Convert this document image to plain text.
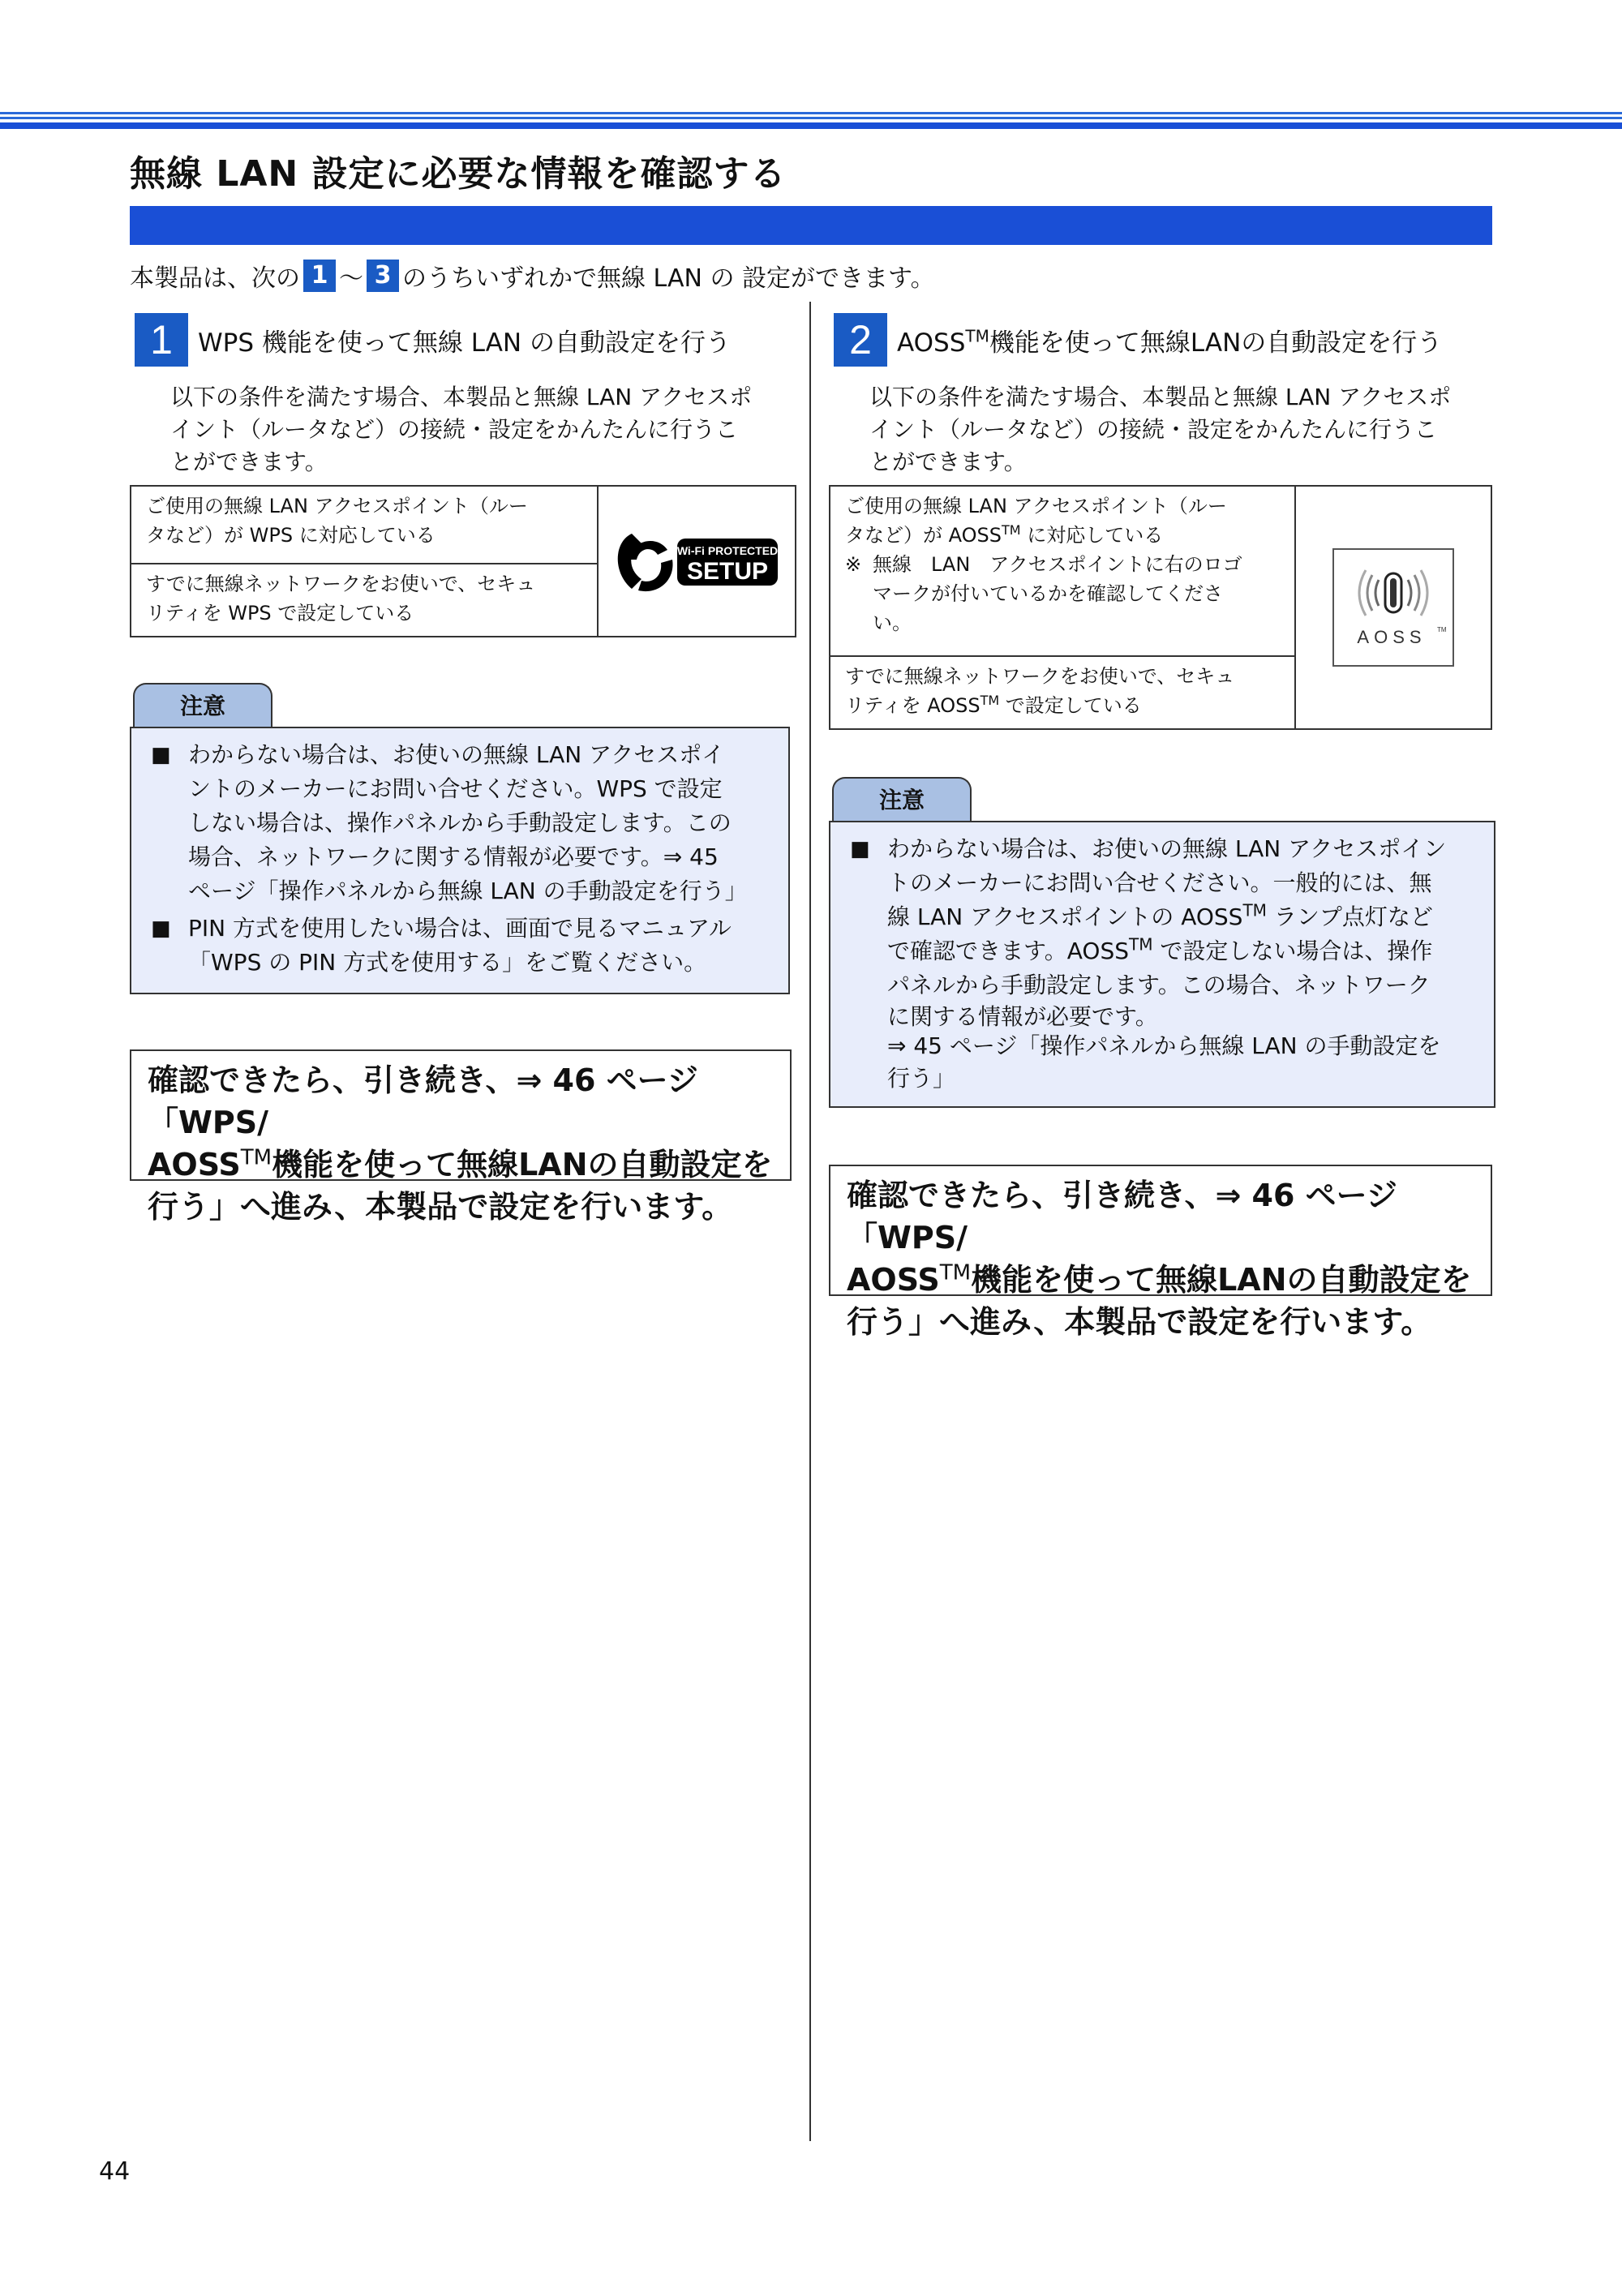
無線 LAN 設定に必要な情報を確認する
本製品は、次の 1 ～ 3 のうちいずれかで無線 LAN の 設定ができます。
1	WPS 機能を使って無線 LAN の自動設定を行う
以下の条件を満たす場合、本製品と無線 LAN アクセスポ
イント（ルータなど）の接続・設定をかんたんに行うこ
とができます。
ご使用の無線 LAN アクセスポイント（ルー
タなど）が WPS に対応している
すでに無線ネットワークをお使いで、セキュ
リティを WPS で設定している
Wi-Fi PROTECTED
SETUP
注意
■ わからない場合は、お使いの無線 LAN アクセスポイ
ントのメーカーにお問い合せください。WPS で設定
しない場合は、操作パネルから手動設定します。この
場合、ネットワークに関する情報が必要です。⇒ 45
ページ「操作パネルから無線 LAN の手動設定を行う」
■ PIN 方式を使用したい場合は、画面で見るマニュアル
「WPS の PIN 方式を使用する」をご覧ください。
確認できたら、引き続き、⇒ 46 ページ「WPS/
AOSS™機能を使って無線LANの自動設定を
行う」へ進み、本製品で設定を行います。
2	AOSS™機能を使って無線LANの自動設定を行う
以下の条件を満たす場合、本製品と無線 LAN アクセスポ
イント（ルータなど）の接続・設定をかんたんに行うこ
とができます。
ご使用の無線 LAN アクセスポイント（ルー
タなど）が AOSS™ に対応している
※ 無線　LAN　アクセスポイントに右のロゴ
マークが付いているかを確認してくださ
い。
すでに無線ネットワークをお使いで、セキュ
リティを AOSS™ で設定している
AOSS TM
注意
■ わからない場合は、お使いの無線 LAN アクセスポイン
トのメーカーにお問い合せください。一般的には、無
線 LAN アクセスポイントの AOSS™ ランプ点灯など
で確認できます。AOSS™ で設定しない場合は、操作
パネルから手動設定します。この場合、ネットワーク
に関する情報が必要です。
⇒ 45 ページ「操作パネルから無線 LAN の手動設定を
行う」
確認できたら、引き続き、⇒ 46 ページ「WPS/
AOSS™機能を使って無線LANの自動設定を
行う」へ進み、本製品で設定を行います。
44
